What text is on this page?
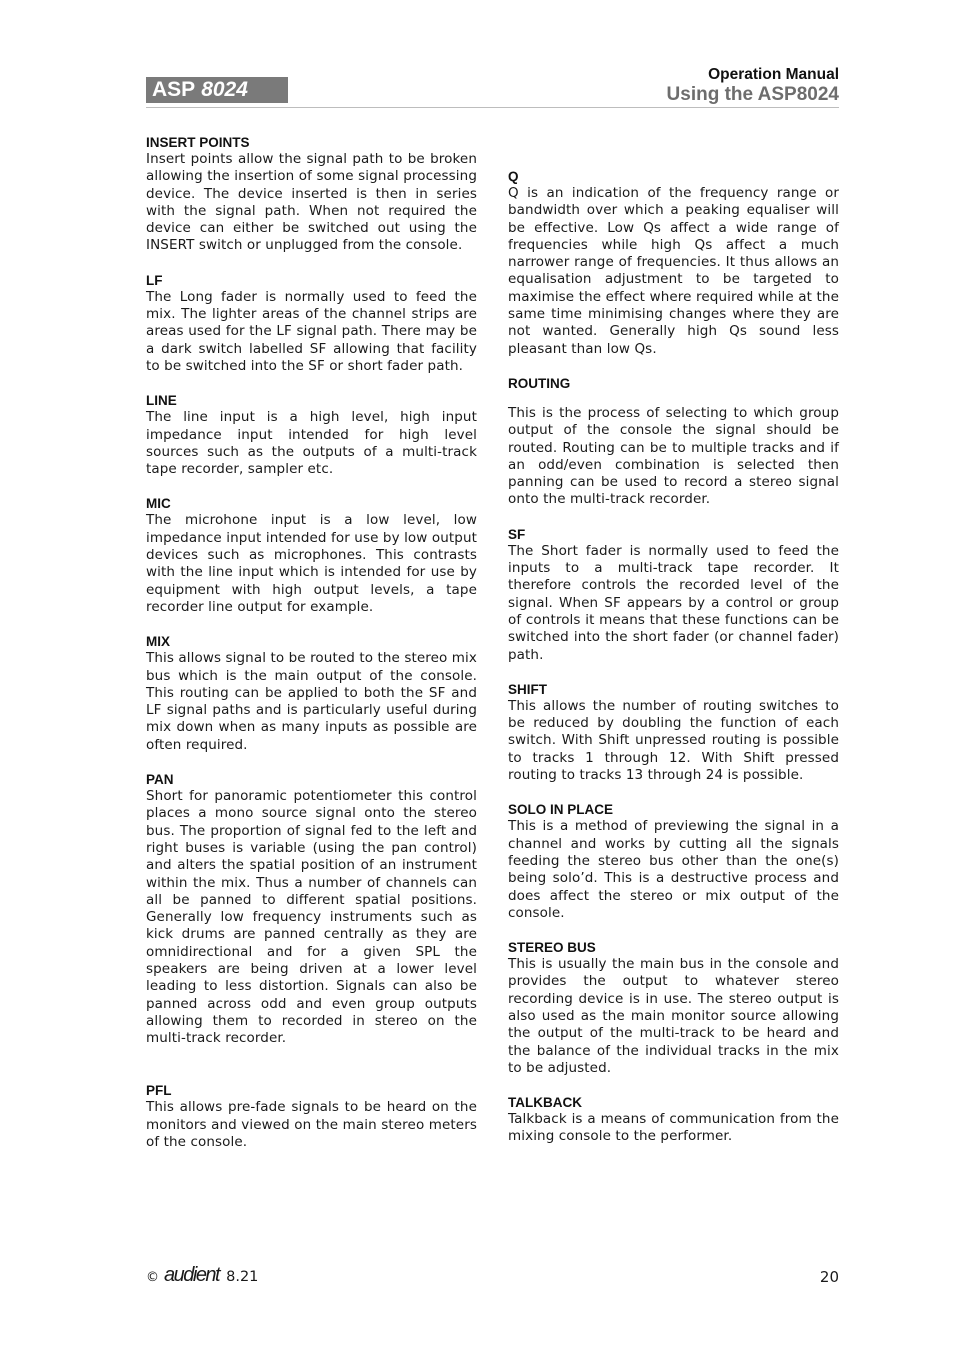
ASP 8024
Operation Manual
Using the ASP8024
INSERT POINTS

Insert points allow the signal path to be broken allowing the insertion of some signal processing device. The device inserted is then in series with the signal path. When not required the device can either be switched out using the INSERT switch or unplugged from the console.

LF

The Long fader is normally used to feed the mix. The lighter areas of the channel strips are areas used for the LF signal path. There may be a dark switch labelled SF allowing that facility to be switched into the SF or short fader path.

LINE

The line input is a high level, high input impedance input intended for high level sources such as the outputs of a multi-track tape recorder, sampler etc.

MIC

The microhone input is a low level, low impedance input intended for use by low output devices such as microphones. This contrasts with the line input which is intended for use by equipment with high output levels, a tape recorder line output for example.

MIX

This allows signal to be routed to the stereo mix bus which is the main output of the console. This routing can be applied to both the SF and LF signal paths and is particularly useful during mix down when as many inputs as possible are often required.

PAN

Short for panoramic potentiometer this control places a mono source signal onto the stereo bus. The proportion of signal fed to the left and right buses is variable (using the pan control) and alters the spatial position of an instrument within the mix. Thus a number of channels can all be panned to different spatial positions. Generally low frequency instruments such as kick drums are panned centrally as they are omnidirectional and for a given SPL the speakers are being driven at a lower level leading to less distortion. Signals can also be panned across odd and even group outputs allowing them to recorded in stereo on the multi-track recorder.

PFL

This allows pre-fade signals to be heard on the monitors and viewed on the main stereo meters of the console.

Q

Q is an indication of the frequency range or bandwidth over which a peaking equaliser will be effective. Low Qs affect a wide range of frequencies while high Qs affect a much narrower range of frequencies. It thus allows an equalisation adjustment to be targeted to maximise the effect where required while at the same time minimising changes where they are not wanted. Generally high Qs sound less pleasant than low Qs.

ROUTING

This is the process of selecting to which group output of the console the signal should be routed. Routing can be to multiple tracks and if an odd/even combination is selected then panning can be used to record a stereo signal onto the multi-track recorder.

SF

The Short fader is normally used to feed the inputs to a multi-track tape recorder. It therefore controls the recorded level of the signal. When SF appears by a control or group of controls it means that these functions can be switched into the short fader (or channel fader) path.

SHIFT

This allows the number of routing switches to be reduced by doubling the function of each switch. With Shift unpressed routing is possible to tracks 1 through 12. With Shift pressed routing to tracks 13 through 24 is possible.

SOLO IN PLACE

This is a method of previewing the signal in a channel and works by cutting all the signals feeding the stereo bus other than the one(s) being solo’d. This is a destructive process and does affect the stereo or mix output of the console.

STEREO BUS

This is usually the main bus in the console and provides the output to whatever stereo recording device is in use. The stereo output is also used as the main monitor source allowing the output of the multi-track to be heard and the balance of the individual tracks in the mix to be adjusted.

TALKBACK

Talkback is a means of communication from the mixing console to the performer.

© audient 8.21	20
